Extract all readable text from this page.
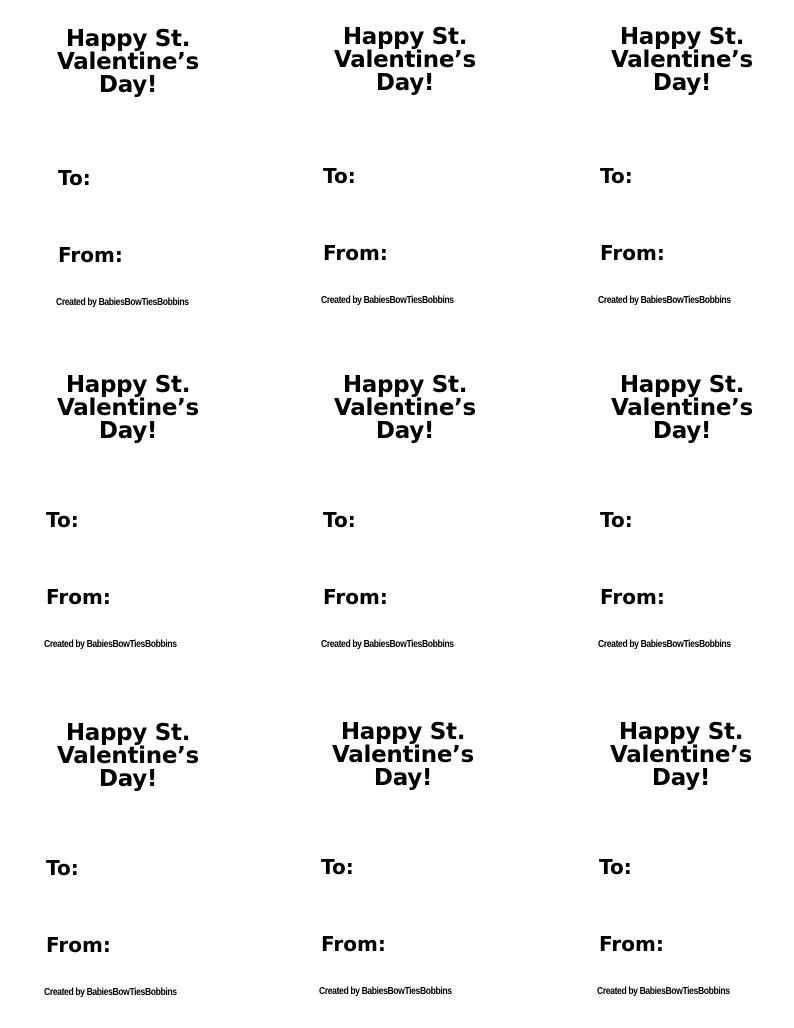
Happy St.
Valentine’s
Day!
To:
From:
Created by BabiesBowTiesBobbins
Happy St.
Valentine’s
Day!
To:
From:
Created by BabiesBowTiesBobbins
Happy St.
Valentine’s
Day!
To:
From:
Created by BabiesBowTiesBobbins
Happy St.
Valentine’s
Day!
To:
From:
Created by BabiesBowTiesBobbins
Happy St.
Valentine’s
Day!
To:
From:
Created by BabiesBowTiesBobbins
Happy St.
Valentine’s
Day!
To:
From:
Created by BabiesBowTiesBobbins
Happy St.
Valentine’s
Day!
To:
From:
Created by BabiesBowTiesBobbins
Happy St.
Valentine’s
Day!
To:
From:
Created by BabiesBowTiesBobbins
Happy St.
Valentine’s
Day!
To:
From:
Created by BabiesBowTiesBobbins
